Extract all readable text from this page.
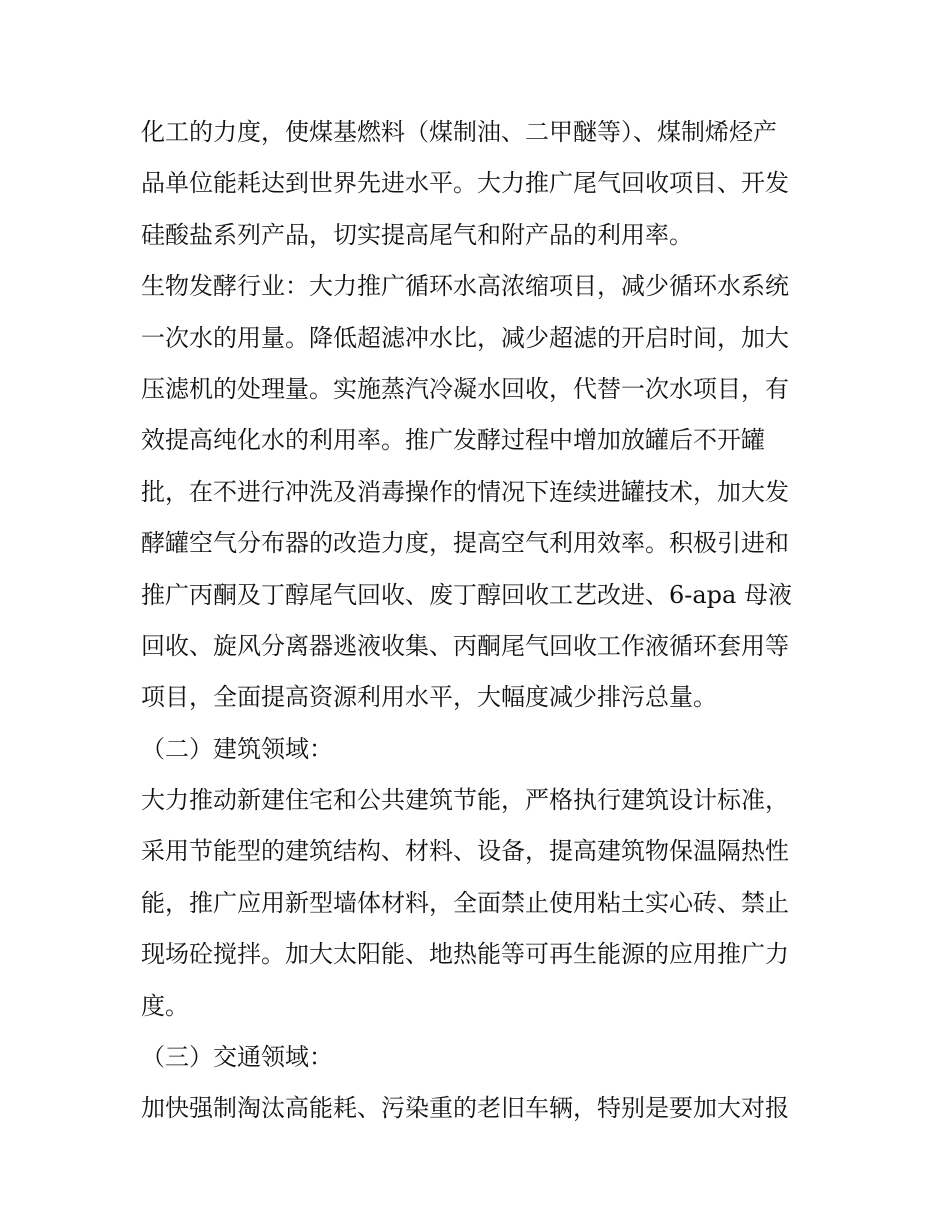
化工的力度，使煤基燃料（煤制油、二甲醚等）、煤制烯烃产
品单位能耗达到世界先进水平。大力推广尾气回收项目、开发
硅酸盐系列产品，切实提高尾气和附产品的利用率。
生物发酵行业：大力推广循环水高浓缩项目，减少循环水系统
一次水的用量。降低超滤冲水比，减少超滤的开启时间，加大
压滤机的处理量。实施蒸汽冷凝水回收，代替一次水项目，有
效提高纯化水的利用率。推广发酵过程中增加放罐后不开罐
批，在不进行冲洗及消毒操作的情况下连续进罐技术，加大发
酵罐空气分布器的改造力度，提高空气利用效率。积极引进和
推广丙酮及丁醇尾气回收、废丁醇回收工艺改进、6-apa 母液
回收、旋风分离器逃液收集、丙酮尾气回收工作液循环套用等
项目，全面提高资源利用水平，大幅度减少排污总量。
（二）建筑领域：
大力推动新建住宅和公共建筑节能，严格执行建筑设计标准，
采用节能型的建筑结构、材料、设备，提高建筑物保温隔热性
能，推广应用新型墙体材料，全面禁止使用粘土实心砖、禁止
现场砼搅拌。加大太阳能、地热能等可再生能源的应用推广力
度。
（三）交通领域：
加快强制淘汰高能耗、污染重的老旧车辆，特别是要加大对报
